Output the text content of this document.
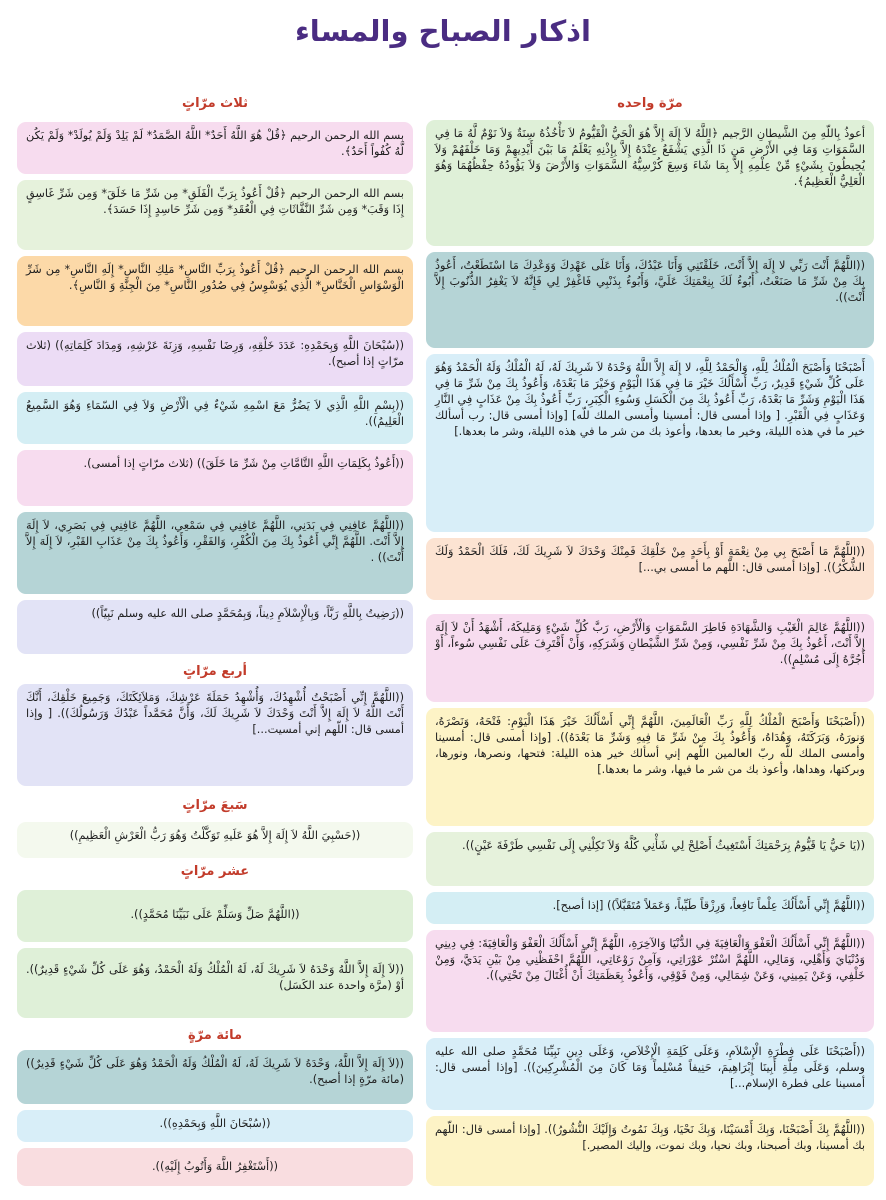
اذكار الصباح والمساء
مرّة واحده
أعوذُ بِاللّهِ مِنَ الشَّيطانِ الرَّجيم ﴿اللَّهُ لاَ إِلَهَ إِلاَّ هُوَ الْحَيُّ الْقَيُّومُ لاَ تَأْخُذُهُ سِنَةٌ وَلاَ نَوْمٌ لَّهُ مَا فِي السَّمَوَاتِ وَمَا فِي الأَرْضِ مَن ذَا الَّذِي يَشْفَعُ عِنْدَهُ إِلاَّ بِإِذْنِهِ يَعْلَمُ مَا بَيْنَ أَيْدِيهِمْ وَمَا خَلْفَهُمْ وَلاَ يُحِيطُونَ بِشَيْءٍ مِّنْ عِلْمِهِ إِلاَّ بِمَا شَاءَ وَسِعَ كُرْسِيُّهُ السَّمَوَاتِ وَالأَرْضَ وَلاَ يَؤُودُهُ حِفْظُهُمَا وَهُوَ الْعَلِيُّ الْعَظِيمُ﴾.
((اللَّهُمَّ أَنْتَ رَبِّي لا إِلَهَ إِلاَّ أَنْتَ، خَلَقْتَنِي وَأَنَا عَبْدُكَ، وَأَنَا عَلَى عَهْدِكَ وَوَعْدِكَ مَا اسْتَطَعْتُ، أَعُوذُ بِكَ مِنْ شَرِّ مَا صَنَعْتُ، أَبُوءُ لَكَ بِنِعْمَتِكَ عَلَيَّ، وَأَبُوءُ بِذَنْبِي فَاغْفِرْ لِي فَإِنَّهُ لاَ يَغْفِرُ الذُّنُوبَ إِلاَّ أَنْتَ)).
أَصْبَحْنَا وَأَصْبَحَ الْمُلْكُ لِلَّهِ، وَالْحَمْدُ لِلَّهِ، لا إِلَهَ إِلاَّ اللَّهُ وَحْدَهُ لاَ شَرِيكَ لَهُ، لَهُ الْمُلْكُ وَلَهُ الْحَمْدُ وَهُوَ عَلَى كُلِّ شَيْءٍ قَدِيرٌ، رَبِّ أَسْأَلُكَ خَيْرَ مَا فِي هَذَا الْيَوْمِ وَخَيْرَ مَا بَعْدَهُ، وَأَعُوذُ بِكَ مِنْ شَرِّ مَا فِي هَذَا الْيَوْمِ وَشَرِّ مَا بَعْدَهُ، رَبِّ أَعُوذُ بِكَ مِنَ الْكَسَلِ وَسُوءِ الْكِبَرِ، رَبِّ أَعُوذُ بِكَ مِنْ عَذَابٍ فِي النَّارِ وَعَذَابٍ فِي الْقَبْرِ. [ وإذا أمسى قال: أمسينا وأمسى الملك للّه] [وإذا أمسى قال: رب أسألك خير ما في هذه الليلة، وخير ما بعدها، وأعوذ بك من شر ما في هذه الليلة، وشر ما بعدها.]
((اللَّهُمَّ مَا أَصْبَحَ بِي مِنْ نِعْمَةٍ أَوْ بِأَحَدٍ مِنْ خَلْقِكَ فَمِنْكَ وَحْدَكَ لاَ شَرِيكَ لَكَ، فَلَكَ الْحَمْدُ وَلَكَ الشُّكْرُ)). [وإذا أمسى قال: اللّهم ما أمسى بي...]
((اللَّهُمَّ عَالِمَ الْغَيْبِ وَالشَّهَادَةِ فَاطِرَ السَّمَوَاتِ وَالْأَرْضِ، رَبَّ كُلِّ شَيْءٍ وَمَلِيكَهُ، أَشْهَدُ أَنْ لاَ إِلَهَ إِلاَّ أَنْتَ، أَعُوذُ بِكَ مِنْ شَرِّ نَفْسِي، وَمِنْ شَرِّ الشَّيْطانِ وَشَرَكِهِ، وَأَنْ أَقْتَرِفَ عَلَى نَفْسِي سُوءاً، أَوْ أَجُرَّهُ إِلَى مُسْلِمٍ)).
((أَصْبَحْنَا وَأَصْبَحَ الْمُلْكُ لِلَّهِ رَبِّ الْعَالَمِينَ، اللَّهُمَّ إِنِّي أَسْأَلُكَ خَيْرَ هَذَا الْيَوْمِ: فَتْحَهُ، وَنَصْرَهُ، وَنورَهُ، وَبَرَكَتَهُ، وَهُدَاهُ، وَأَعُوذُ بِكَ مِنْ شَرِّ مَا فِيهِ وَشَرِّ مَا بَعْدَهُ)). [وإذا أمسى قال: أمسينا وأمسى الملك للّه ربّ العالمين اللّهم إني أسألك خير هذه الليلة: فتحها، ونصرها، ونورها، وبركتها، وهداها، وأعوذ بك من شر ما فيها، وشر ما بعدها.]
((يَا حَيُّ يَا قَيُّومُ بِرَحْمَتِكَ أَسْتَغِيثُ أَصْلِحْ لِي شَأْنِي كُلَّهُ وَلاَ تَكِلْنِي إِلَى نَفْسِي طَرْفَةَ عَيْنٍ)).
((اللَّهُمَّ إِنِّي أَسْأَلُكَ عِلْماً نَافِعاً، وَرِزْقاً طَيِّباً، وَعَمَلاً مُتَقَبَّلاً)) [إذا أصبح].
((اللَّهُمَّ إِنِّي أَسْأَلُكَ الْعَفْوَ وَالْعَافِيَةَ فِي الدُّنْيَا وَالآخِرَةِ، اللَّهُمَّ إِنِّي أَسْأَلُكَ الْعَفْوَ وَالْعَافِيَةَ: فِي دِينِي وَدُنْيَايَ وَأَهْلِي، وَمَالِي، اللَّهُمَّ اسْتُرْ عَوْرَاتِي، وَآمِنْ رَوْعَاتِي، اللَّهُمَّ احْفَظْنِي مِنْ بَيْنِ يَدَيَّ، وَمِنْ خَلْفِي، وَعَنْ يَمِينِي، وَعَنْ شِمَالِي، وَمِنْ فَوْقِي، وَأَعُوذُ بِعَظَمَتِكَ أَنْ أُغْتَالَ مِنْ تَحْتِي)).
((أَصْبَحْنَا عَلَى فِطْرَةِ الْإِسْلاَمِ، وَعَلَى كَلِمَةِ الْإِخْلاَصِ، وَعَلَى دِينِ نَبِيِّنَا مُحَمَّدٍ صلى الله عليه وسلم، وَعَلَى مِلَّةِ أَبِينَا إِبْرَاهِيمَ، حَنِيفاً مُسْلِماً وَمَا كَانَ مِنَ الْمُشْرِكِينَ)). [وإذا أمسى قال: أمسينا على فطرة الإسلام...]
((اللَّهُمَّ بِكَ أَصْبَحْنَا، وَبِكَ أَمْسَيْنَا، وَبِكَ نَحْيَا، وَبِكَ نَمُوتُ وَإِلَيْكَ النُّشُورُ)). [وإذا أمسى قال: اللّهم بك أمسينا، وبك أصبحنا، وبك نحيا، وبك نموت، وإليك المصير.]
ثلاث مرّاتٍ
بسم الله الرحمن الرحيم ﴿قُلْ هُوَ اللَّهُ أَحَدٌ* اللَّهُ الصَّمَدُ* لَمْ يَلِدْ وَلَمْ يُولَدْ* وَلَمْ يَكُن لَّهُ كُفُواً أَحَدٌ﴾.
بسم الله الرحمن الرحيم ﴿قُلْ أَعُوذُ بِرَبِّ الْفَلَقِ* مِن شَرِّ مَا خَلَقَ* وَمِن شَرِّ غَاسِقٍ إِذَا وَقَبَ* وَمِن شَرِّ النَّفَّاثَاتِ فِي الْعُقَدِ* وَمِن شَرِّ حَاسِدٍ إِذَا حَسَدَ﴾.
بسم الله الرحمن الرحيم ﴿قُلْ أَعُوذُ بِرَبِّ النَّاسِ* مَلِكِ النَّاسِ* إِلَهِ النَّاسِ* مِن شَرِّ الْوَسْوَاسِ الْخَنَّاسِ* الَّذِي يُوَسْوِسُ فِي صُدُورِ النَّاسِ* مِنَ الْجِنَّةِ وَ النَّاسِ﴾.
((سُبْحَانَ اللَّهِ وَبِحَمْدِهِ: عَدَدَ خَلْقِهِ، وَرِضَا نَفْسِهِ، وَزِنَةَ عَرْشِهِ، وَمِدَادَ كَلِمَاتِهِ)) (ثلاث مرّاتٍ إذا أصبح).
((بِسْمِ اللَّهِ الَّذِي لاَ يَضُرُّ مَعَ اسْمِهِ شَيْءٌ فِي الْأَرْضِ وَلاَ فِي السّمَاءِ وَهُوَ السَّمِيعُ الْعَلِيمُ)).
((أَعُوذُ بِكَلِمَاتِ اللَّهِ التَّامَّاتِ مِنْ شَرِّ مَا خَلَقَ)) (ثلاث مرّاتٍ إذا أمسى).
((اللَّهُمَّ عَافِنِي فِي بَدَنِي، اللَّهُمَّ عَافِنِي فِي سَمْعِي، اللَّهُمَّ عَافِنِي فِي بَصَرِي، لاَ إِلَهَ إِلاَّ أَنْتَ. اللَّهُمَّ إِنِّي أَعُوذُ بِكَ مِنَ الْكُفْرِ، وَالفَقْرِ، وَأَعُوذُ بِكَ مِنْ عَذَابِ القَبْرِ، لاَ إِلَهَ إِلاَّ أَنْتَ)) .
((رَضِيتُ بِاللَّهِ رَبَّاً، وَبِالْإِسْلاَمِ دِيناً، وَبِمُحَمَّدٍ صلى الله عليه وسلم نَبِيّاً))
أربع مرّاتٍ
((اللَّهُمَّ إِنِّي أَصْبَحْتُ أُشْهِدُكَ، وَأُشْهِدُ حَمَلَةَ عَرْشِكَ، وَمَلاَئِكَتَكَ، وَجَمِيعَ خَلْقِكَ، أَنَّكَ أَنْتَ اللَّهُ لاَ إِلَهَ إِلاَّ أَنْتَ وَحْدَكَ لاَ شَرِيكَ لَكَ، وَأَنَّ مُحَمَّداً عَبْدُكَ وَرَسُولُكَ)). [ وإذا أمسى قال: اللّهم إني أمسيت...]
سَبعَ مرّاتٍ
((حَسْبِيَ اللَّهُ لاَ إِلَهَ إِلاَّ هُوَ عَلَيهِ تَوَكَّلْتُ وَهُوَ رَبُّ الْعَرْشِ الْعَظِيمِ))
عشر مرّاتٍ
((اللَّهُمَّ صَلِّ وَسَلِّمْ عَلَى نَبَيِّنَا مُحَمَّدٍ)).
((لاَ إِلَهَ إِلاَّ اللَّهُ وَحْدَهُ لاَ شَرِيكَ لَهُ، لَهُ الْمُلْكُ وَلَهُ الْحَمْدُ، وَهُوَ عَلَى كُلِّ شَيْءٍ قَدِيرٌ)). أوْ (مرَّة واحدة عند الكَسَل)
مائة مرّةٍ
((لاَ إِلَهَ إِلاَّ اللَّهُ، وَحْدَهُ لاَ شَرِيكَ لَهُ، لَهُ الْمُلْكُ وَلَهُ الْحَمْدُ وَهُوَ عَلَى كُلِّ شَيْءٍ قَدِيرٌ)) (مائة مرّةٍ إذا أصبح).
((سُبْحَانَ اللَّهِ وَبِحَمْدِهِ)).
((أَسْتَغْفِرُ اللَّهَ وَأَتُوبُ إِلَيْهِ)).
